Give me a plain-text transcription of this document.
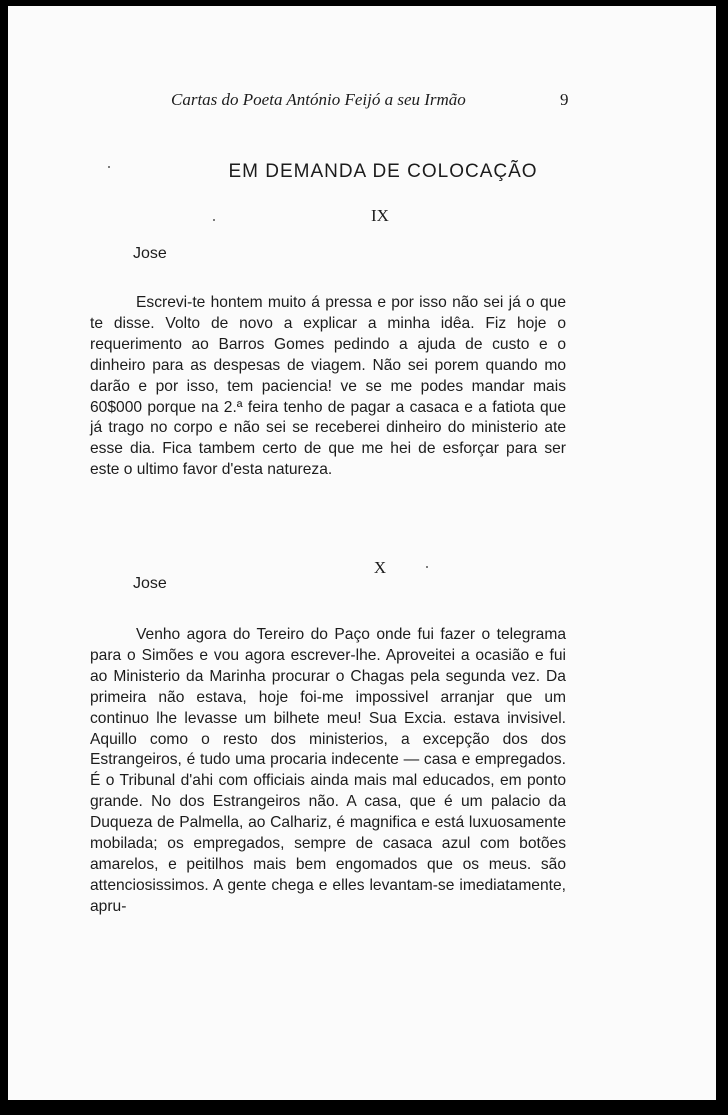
Cartas do Poeta António Feijó a seu Irmão	9
EM DEMANDA DE COLOCAÇÃO
IX
Jose

Escrevi-te hontem muito á pressa e por isso não sei já o que te disse. Volto de novo a explicar a minha idêa. Fiz hoje o requerimento ao Barros Gomes pedindo a ajuda de custo e o dinheiro para as despesas de viagem. Não sei porem quando mo darão e por isso, tem paciencia! ve se me podes mandar mais 60$000 porque na 2.ª feira tenho de pagar a casaca e a fatiota que já trago no corpo e não sei se receberei dinheiro do ministerio ate esse dia. Fica tambem certo de que me hei de esforçar para ser este o ultimo favor d'esta natureza.

X
Jose

Venho agora do Tereiro do Paço onde fui fazer o telegrama para o Simões e vou agora escrever-lhe. Aproveitei a ocasião e fui ao Ministerio da Marinha procurar o Chagas pela segunda vez. Da primeira não estava, hoje foi-me impossivel arranjar que um continuo lhe levasse um bilhete meu! Sua Excia. estava invisivel. Aquillo como o resto dos ministerios, a excepção dos dos Estrangeiros, é tudo uma procaria indecente — casa e empregados. É o Tribunal d'ahi com officiais ainda mais mal educados, em ponto grande. No dos Estrangeiros não. A casa, que é um palacio da Duqueza de Palmella, ao Calhariz, é magnifica e está luxuosamente mobilada; os empregados, sempre de casaca azul com botões amarelos, e peitilhos mais bem engomados que os meus. são attenciosissimos. A gente chega e elles levantam-se imediatamente, apru-
